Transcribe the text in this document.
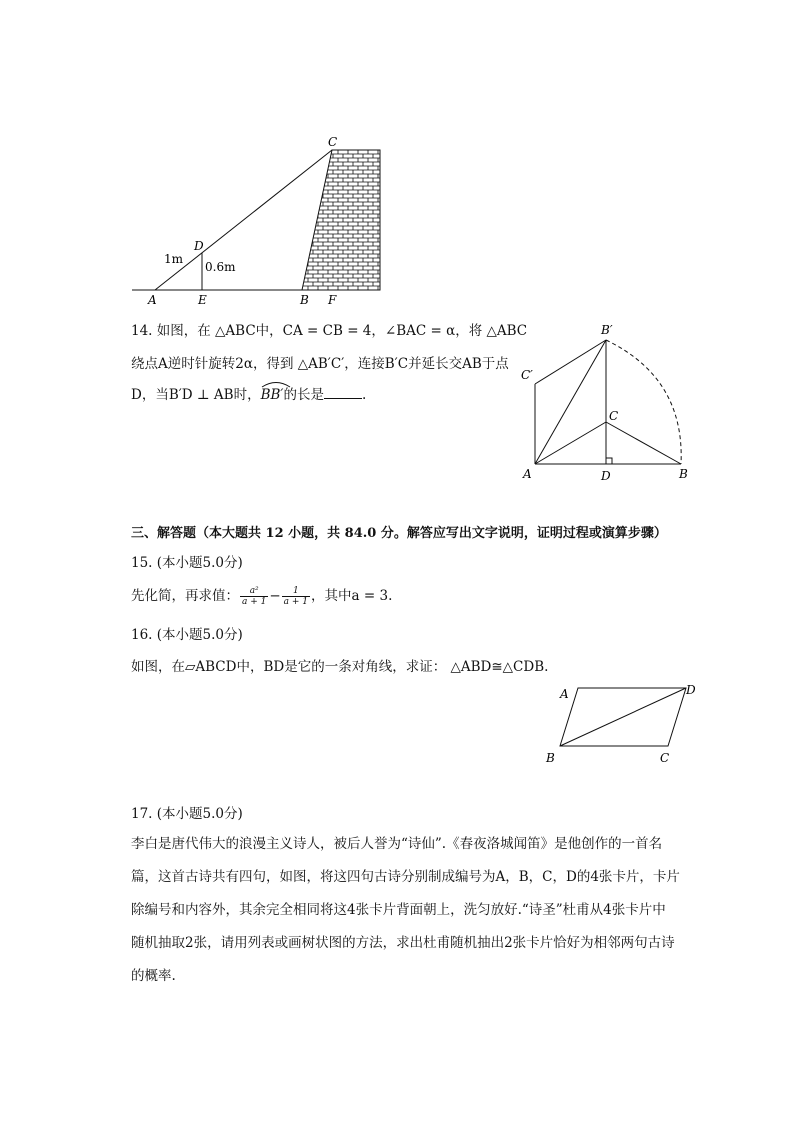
C
D
A	E	B F
1m
0.6m
14. 如图，在 △ABC中，CA = CB = 4，∠BAC = α，将 △ABC
绕点A逆时针旋转2α，得到 △AB′C′，连接B′C并延长交AB于点
D，当B′D ⊥ AB时，
BB′的长是	.
B′
C′
C
A	D	B
三、解答题（本大题共 12 小题，共 84.0 分。解答应写出文字说明，证明过程或演算步骤）
15. (本小题5.0分)
先化简，再求值： $\frac{\text{a²}}{a + 1} - \frac{1}{a + 1}$ ，其中a = 3.
16. (本小题5.0分)
如图，在▱ABCD中，BD是它的一条对角线，求证： △ABD≅△CDB.
A	D
B	C
17. (本小题5.0分)
李白是唐代伟大的浪漫主义诗人，被后人誉为“诗仙”.《春夜洛城闻笛》是他创作的一首名
篇，这首古诗共有四句，如图，将这四句古诗分别制成编号为A，B，C，D的4张卡片，卡片
除编号和内容外，其余完全相同将这4张卡片背面朝上，洗匀放好.“诗圣”杜甫从4张卡片中
随机抽取2张，请用列表或画树状图的方法，求出杜甫随机抽出2张卡片恰好为相邻两句古诗
的概率.
